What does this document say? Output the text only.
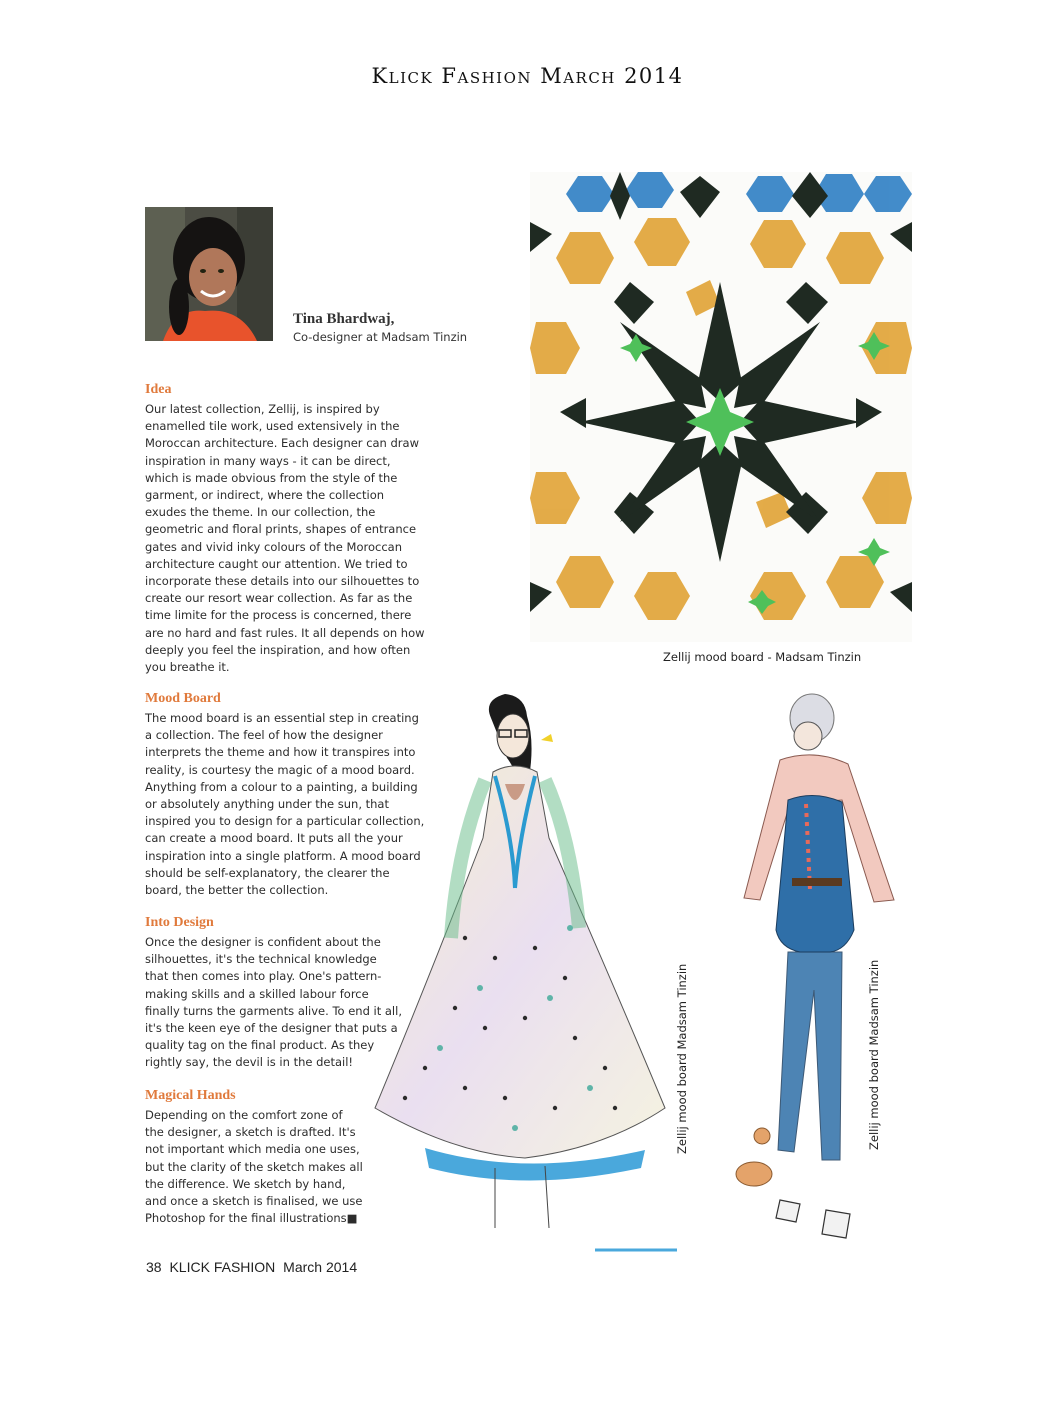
Klick Fashion March 2014
Tina Bhardwaj,
Co-designer at Madsam Tinzin
Idea

Our latest collection, Zellij, is inspired by enamelled tile work, used extensively in the Moroccan architecture. Each designer can draw inspiration in many ways - it can be direct, which is made obvious from the style of the garment, or indirect, where the collection exudes the theme. In our collection, the geometric and floral prints, shapes of entrance gates and vivid inky colours of the Moroccan architecture caught our attention. We tried to incorporate these details into our silhouettes to create our resort wear collection. As far as the time limite for the process is concerned, there are no hard and fast rules. It all depends on how deeply you feel the inspiration, and how often you breathe it.

Mood Board

The mood board is an essential step in creating a collection. The feel of how the designer interprets the theme and how it transpires into reality, is courtesy the magic of a mood board. Anything from a colour to a painting, a building or absolutely anything under the sun, that inspired you to design for a particular collection, can create a mood board. It puts all the your inspiration into a single platform. A mood board should be self-explanatory, the clearer the board, the better the collection.

Into Design

Once the designer is confident about the silhouettes, it's the technical knowledge that then comes into play. One's pattern-making skills and a skilled labour force finally turns the garments alive. To end it all, it's the keen eye of the designer that puts a quality tag on the final product. As they rightly say, the devil is in the detail!

Magical Hands

Depending on the comfort zone of the designer, a sketch is drafted. It's not important which media one uses, but the clarity of the sketch makes all the difference. We sketch by hand, and once a sketch is finalised, we use Photoshop for the final illustrations■

Zellij mood board - Madsam Tinzin
Zellij mood board Madsam Tinzin	Zellij mood board Madsam Tinzin
38 KLICK FASHION March 2014
